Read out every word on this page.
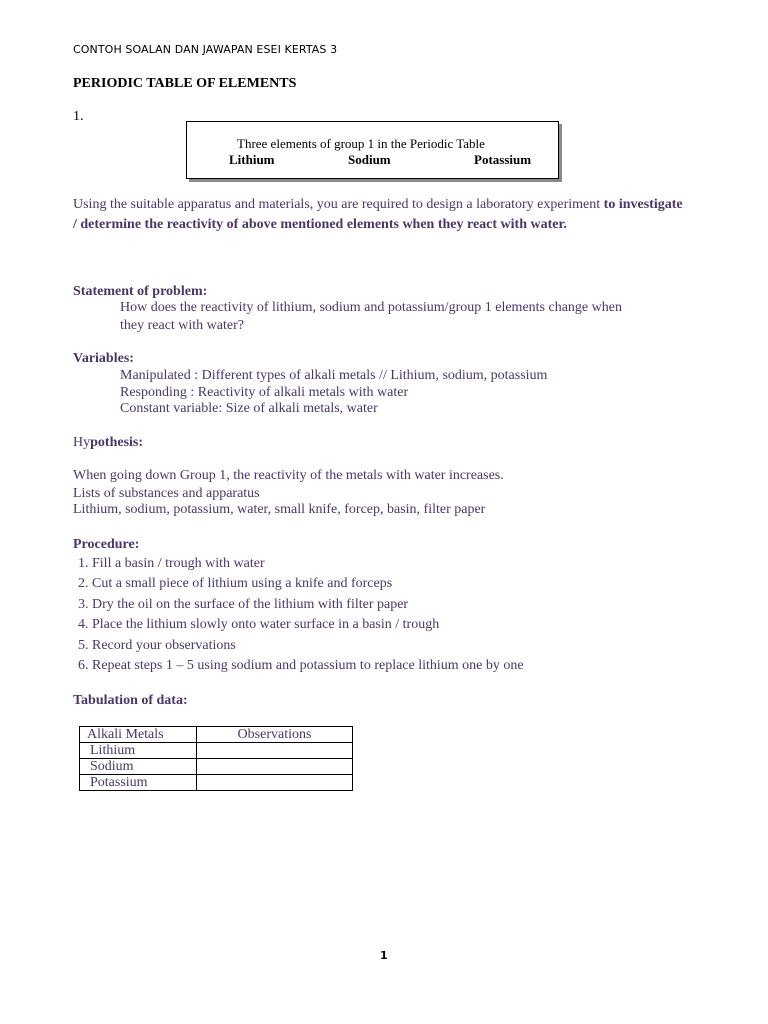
CONTOH SOALAN DAN JAWAPAN ESEI KERTAS 3
PERIODIC TABLE OF ELEMENTS
1.
Three elements of group 1 in the Periodic Table
Lithium	Sodium	Potassium
Using the suitable apparatus and materials, you are required to design a laboratory experiment to investigate / determine the reactivity of above mentioned elements when they react with water.
Statement of problem:
How does the reactivity of lithium, sodium and potassium/group 1 elements change when
they react with water?
Variables:
Manipulated : Different types of alkali metals // Lithium, sodium, potassium
Responding : Reactivity of alkali metals with water
Constant variable: Size of alkali metals, water
Hypothesis:
When going down Group 1, the reactivity of the metals with water increases.
Lists of substances and apparatus
Lithium, sodium, potassium, water, small knife, forcep, basin, filter paper
Procedure:
1. Fill a basin / trough with water
2. Cut a small piece of lithium using a knife and forceps
3. Dry the oil on the surface of the lithium with filter paper
4. Place the lithium slowly onto water surface in a basin / trough
5. Record your observations
6. Repeat steps 1 – 5 using sodium and potassium to replace lithium one by one
Tabulation of data:
Alkali Metals	Observations
Lithium	
Sodium	
Potassium	
1
